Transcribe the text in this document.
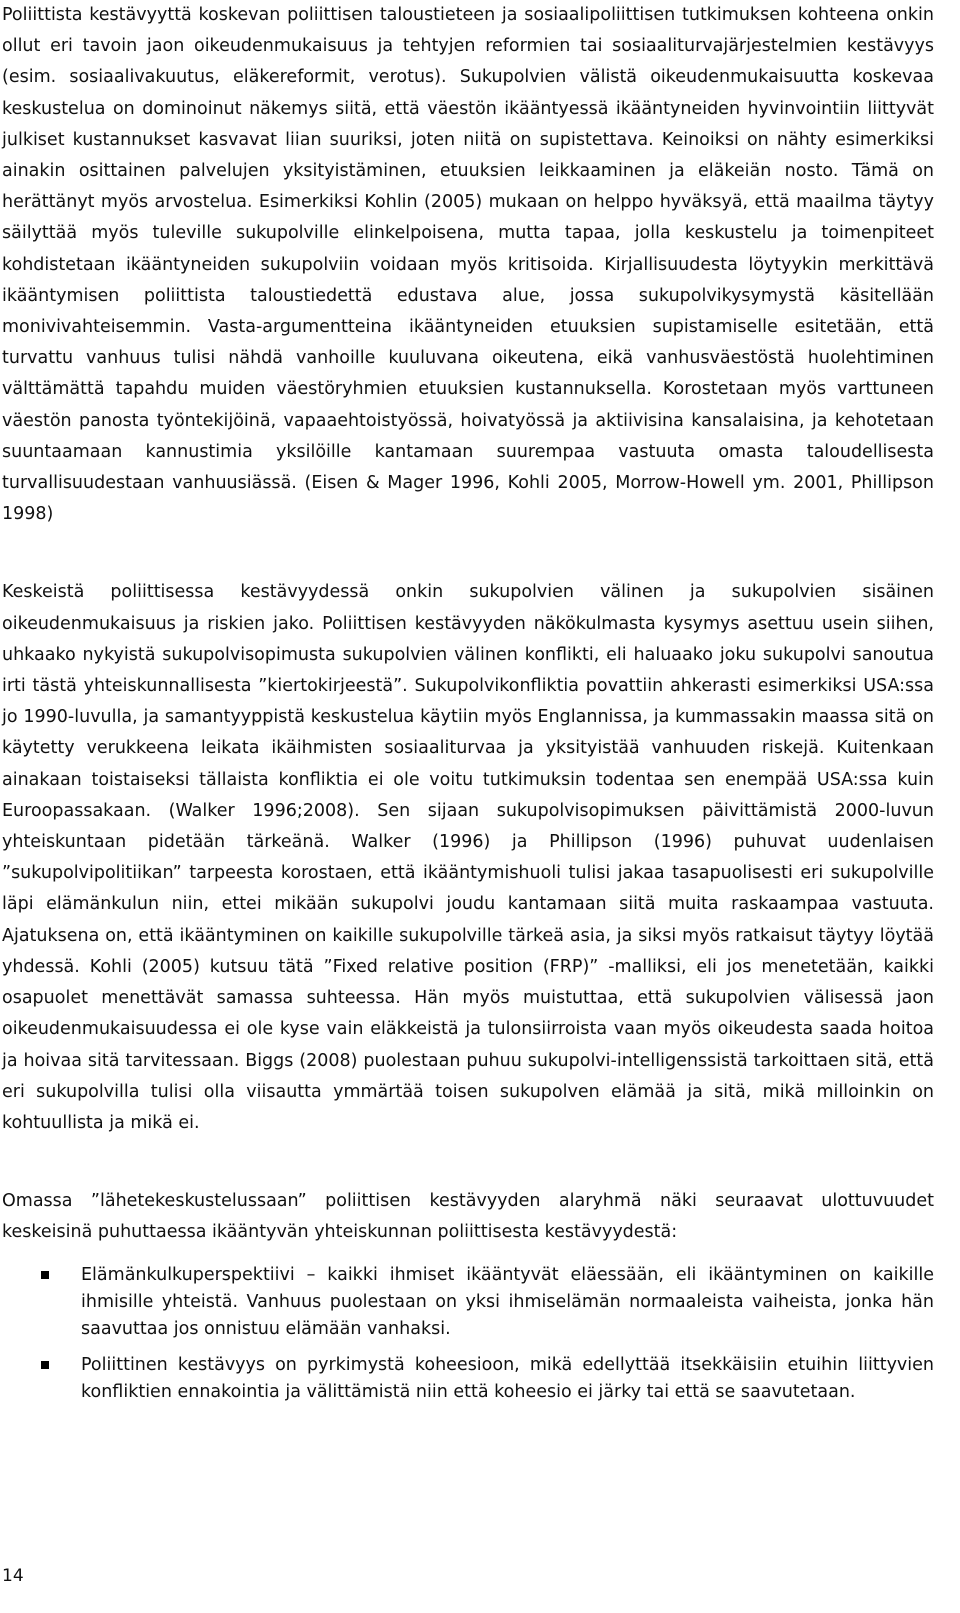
Poliittista kestävyyttä koskevan poliittisen taloustieteen ja sosiaalipoliittisen tutkimuksen kohteena onkin ollut eri tavoin jaon oikeudenmukaisuus ja tehtyjen reformien tai sosiaaliturvajärjestelmien kestävyys (esim. sosiaalivakuutus, eläkereformit, verotus). Sukupolvien välistä oikeudenmukaisuutta koskevaa keskustelua on dominoinut näkemys siitä, että väestön ikääntyessä ikääntyneiden hyvinvointiin liittyvät julkiset kustannukset kasvavat liian suuriksi, joten niitä on supistettava. Keinoiksi on nähty esimerkiksi ainakin osittainen palvelujen yksityistäminen, etuuksien leikkaaminen ja eläkeiän nosto. Tämä on herättänyt myös arvostelua. Esimerkiksi Kohlin (2005) mukaan on helppo hyväksyä, että maailma täytyy säilyttää myös tuleville sukupolville elinkelpoisena, mutta tapaa, jolla keskustelu ja toimenpiteet kohdistetaan ikääntyneiden sukupolviin voidaan myös kritisoida. Kirjallisuudesta löytyykin merkittävä ikääntymisen poliittista taloustiedettä edustava alue, jossa sukupolvikysymystä käsitellään monivivahteisemmin. Vasta-argumentteina ikääntyneiden etuuksien supistamiselle esitetään, että turvattu vanhuus tulisi nähdä vanhoille kuuluvana oikeutena, eikä vanhusväestöstä huolehtiminen välttämättä tapahdu muiden väestöryhmien etuuksien kustannuksella. Korostetaan myös varttuneen väestön panosta työntekijöinä, vapaaehtoistyössä, hoivatyössä ja aktiivisina kansalaisina, ja kehotetaan suuntaamaan kannustimia yksilöille kantamaan suurempaa vastuuta omasta taloudellisesta turvallisuudestaan vanhuusiässä. (Eisen & Mager 1996, Kohli 2005, Morrow-Howell ym. 2001, Phillipson 1998)

Keskeistä poliittisessa kestävyydessä onkin sukupolvien välinen ja sukupolvien sisäinen oikeudenmukaisuus ja riskien jako. Poliittisen kestävyyden näkökulmasta kysymys asettuu usein siihen, uhkaako nykyistä sukupolvisopimusta sukupolvien välinen konflikti, eli haluaako joku sukupolvi sanoutua irti tästä yhteiskunnallisesta ”kiertokirjeestä”. Sukupolvikonfliktia povattiin ahkerasti esimerkiksi USA:ssa jo 1990-luvulla, ja samantyyppistä keskustelua käytiin myös Englannissa, ja kummassakin maassa sitä on käytetty verukkeena leikata ikäihmisten sosiaaliturvaa ja yksityistää vanhuuden riskejä. Kuitenkaan ainakaan toistaiseksi tällaista konfliktia ei ole voitu tutkimuksin todentaa sen enempää USA:ssa kuin Euroopassakaan. (Walker 1996;2008). Sen sijaan sukupolvisopimuksen päivittämistä 2000-luvun yhteiskuntaan pidetään tärkeänä. Walker (1996) ja Phillipson (1996) puhuvat uudenlaisen ”sukupolvipolitiikan” tarpeesta korostaen, että ikääntymishuoli tulisi jakaa tasapuolisesti eri sukupolville läpi elämänkulun niin, ettei mikään sukupolvi joudu kantamaan siitä muita raskaampaa vastuuta. Ajatuksena on, että ikääntyminen on kaikille sukupolville tärkeä asia, ja siksi myös ratkaisut täytyy löytää yhdessä. Kohli (2005) kutsuu tätä ”Fixed relative position (FRP)” -malliksi, eli jos menetetään, kaikki osapuolet menettävät samassa suhteessa. Hän myös muistuttaa, että sukupolvien välisessä jaon oikeudenmukaisuudessa ei ole kyse vain eläkkeistä ja tulonsiirroista vaan myös oikeudesta saada hoitoa ja hoivaa sitä tarvitessaan. Biggs (2008) puolestaan puhuu sukupolvi-intelligenssistä tarkoittaen sitä, että eri sukupolvilla tulisi olla viisautta ymmärtää toisen sukupolven elämää ja sitä, mikä milloinkin on kohtuullista ja mikä ei.

Omassa ”lähetekeskustelussaan” poliittisen kestävyyden alaryhmä näki seuraavat ulottuvuudet keskeisinä puhuttaessa ikääntyvän yhteiskunnan poliittisesta kestävyydestä:

Elämänkulkuperspektiivi – kaikki ihmiset ikääntyvät eläessään, eli ikääntyminen on kaikille ihmisille yhteistä. Vanhuus puolestaan on yksi ihmiselämän normaaleista vaiheista, jonka hän saavuttaa jos onnistuu elämään vanhaksi.
Poliittinen kestävyys on pyrkimystä koheesioon, mikä edellyttää itsekkäisiin etuihin liittyvien konfliktien ennakointia ja välittämistä niin että koheesio ei järky tai että se saavutetaan.
14
